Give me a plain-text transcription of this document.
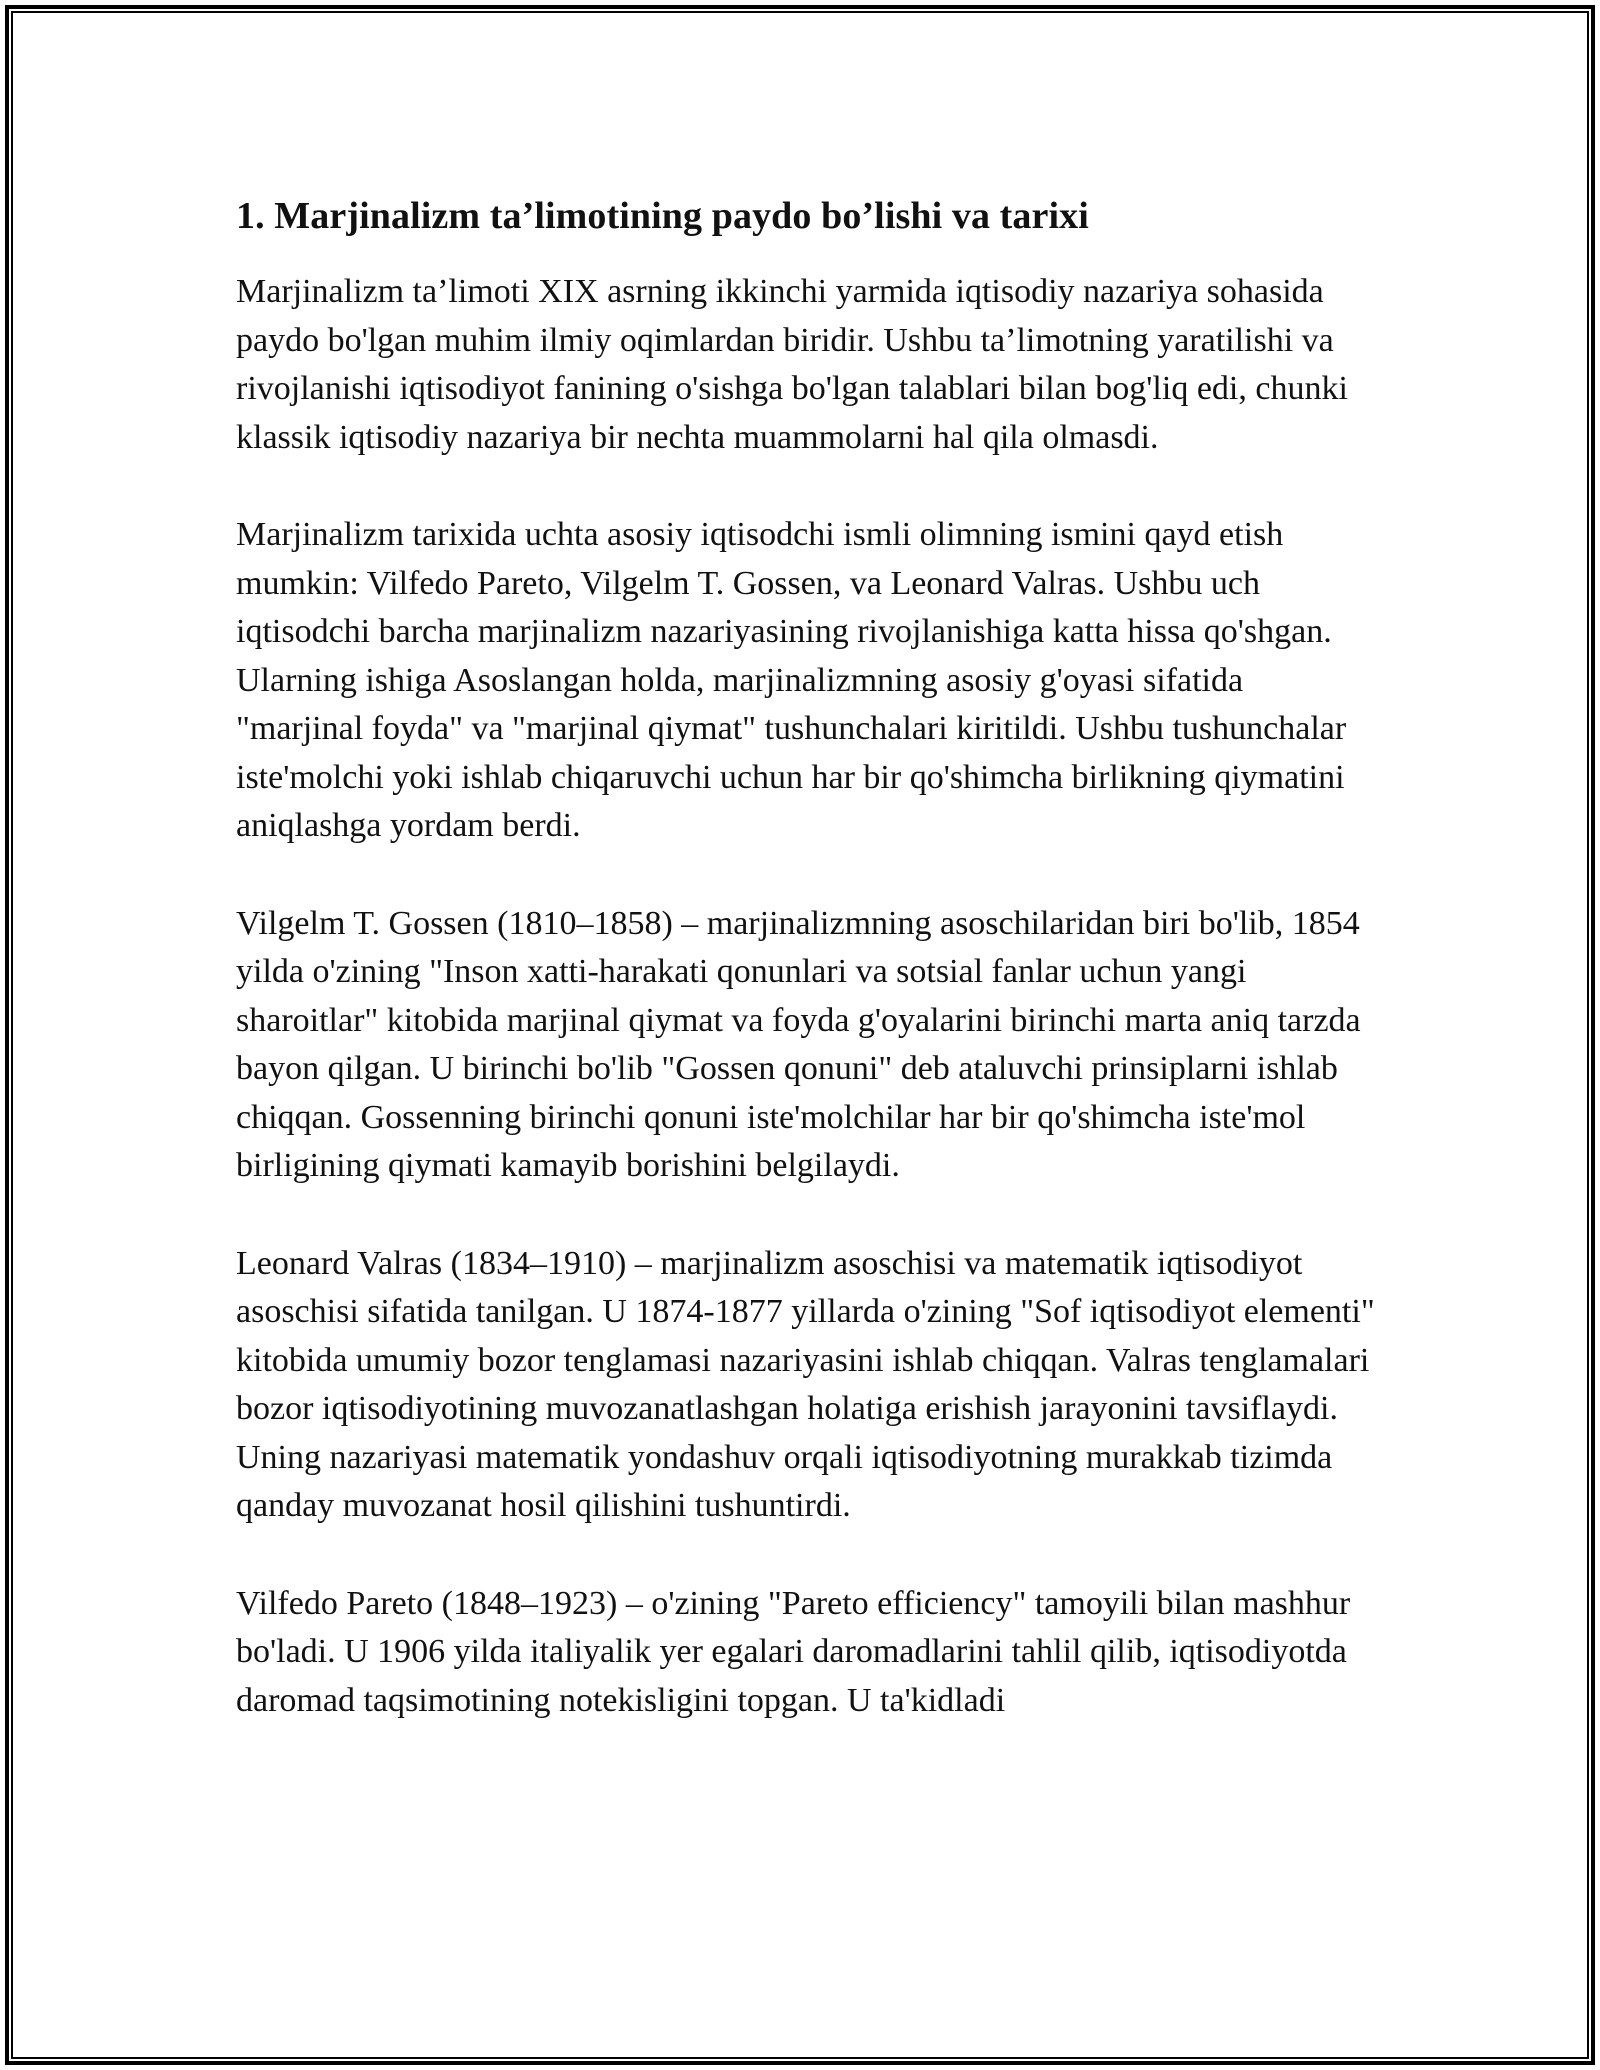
1. Marjinalizm ta’limotining paydo bo’lishi va tarixi

Marjinalizm ta’limoti XIX asrning ikkinchi yarmida iqtisodiy nazariya sohasida paydo bo'lgan muhim ilmiy oqimlardan biridir. Ushbu ta’limotning yaratilishi va rivojlanishi iqtisodiyot fanining o'sishga bo'lgan talablari bilan bog'liq edi, chunki klassik iqtisodiy nazariya bir nechta muammolarni hal qila olmasdi.

Marjinalizm tarixida uchta asosiy iqtisodchi ismli olimning ismini qayd etish mumkin: Vilfedo Pareto, Vilgelm T. Gossen, va Leonard Valras. Ushbu uch iqtisodchi barcha marjinalizm nazariyasining rivojlanishiga katta hissa qo'shgan. Ularning ishiga Asoslangan holda, marjinalizmning asosiy g'oyasi sifatida "marjinal foyda" va "marjinal qiymat" tushunchalari kiritildi. Ushbu tushunchalar iste'molchi yoki ishlab chiqaruvchi uchun har bir qo'shimcha birlikning qiymatini aniqlashga yordam berdi.

Vilgelm T. Gossen (1810–1858) – marjinalizmning asoschilaridan biri bo'lib, 1854 yilda o'zining "Inson xatti-harakati qonunlari va sotsial fanlar uchun yangi sharoitlar" kitobida marjinal qiymat va foyda g'oyalarini birinchi marta aniq tarzda bayon qilgan. U birinchi bo'lib "Gossen qonuni" deb ataluvchi prinsiplarni ishlab chiqqan. Gossenning birinchi qonuni iste'molchilar har bir qo'shimcha iste'mol birligining qiymati kamayib borishini belgilaydi.

Leonard Valras (1834–1910) – marjinalizm asoschisi va matematik iqtisodiyot asoschisi sifatida tanilgan. U 1874-1877 yillarda o'zining "Sof iqtisodiyot elementi" kitobida umumiy bozor tenglamasi nazariyasini ishlab chiqqan. Valras tenglamalari bozor iqtisodiyotining muvozanatlashgan holatiga erishish jarayonini tavsiflaydi. Uning nazariyasi matematik yondashuv orqali iqtisodiyotning murakkab tizimda qanday muvozanat hosil qilishini tushuntirdi.

Vilfedo Pareto (1848–1923) – o'zining "Pareto efficiency" tamoyili bilan mashhur bo'ladi. U 1906 yilda italiyalik yer egalari daromadlarini tahlil qilib, iqtisodiyotda daromad taqsimotining notekisligini topgan. U ta'kidladi
